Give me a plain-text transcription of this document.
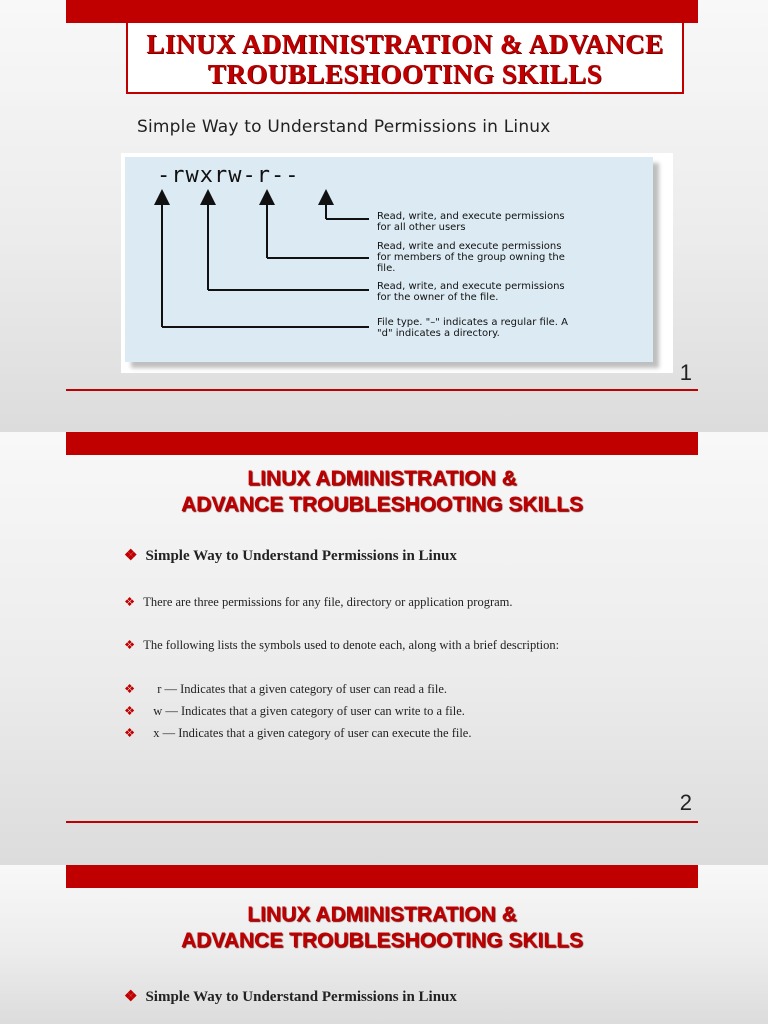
LINUX ADMINISTRATION & ADVANCE
TROUBLESHOOTING SKILLS
Simple Way to Understand Permissions in Linux
-rwxrw-r--
Read, write, and execute permissions
for all other users
Read, write and execute permissions
for members of the group owning the
file.
Read, write, and execute permissions
for the owner of the file.
File type. "–" indicates a regular file. A
"d" indicates a directory.
1
LINUX ADMINISTRATION &
ADVANCE TROUBLESHOOTING SKILLS
❖ Simple Way to Understand Permissions in Linux
❖ There are three permissions for any file, directory or application program.
❖ The following lists the symbols used to denote each, along with a brief description:
❖ r — Indicates that a given category of user can read a file.
❖ w — Indicates that a given category of user can write to a file.
❖ x — Indicates that a given category of user can execute the file.
2
LINUX ADMINISTRATION &
ADVANCE TROUBLESHOOTING SKILLS
❖ Simple Way to Understand Permissions in Linux
